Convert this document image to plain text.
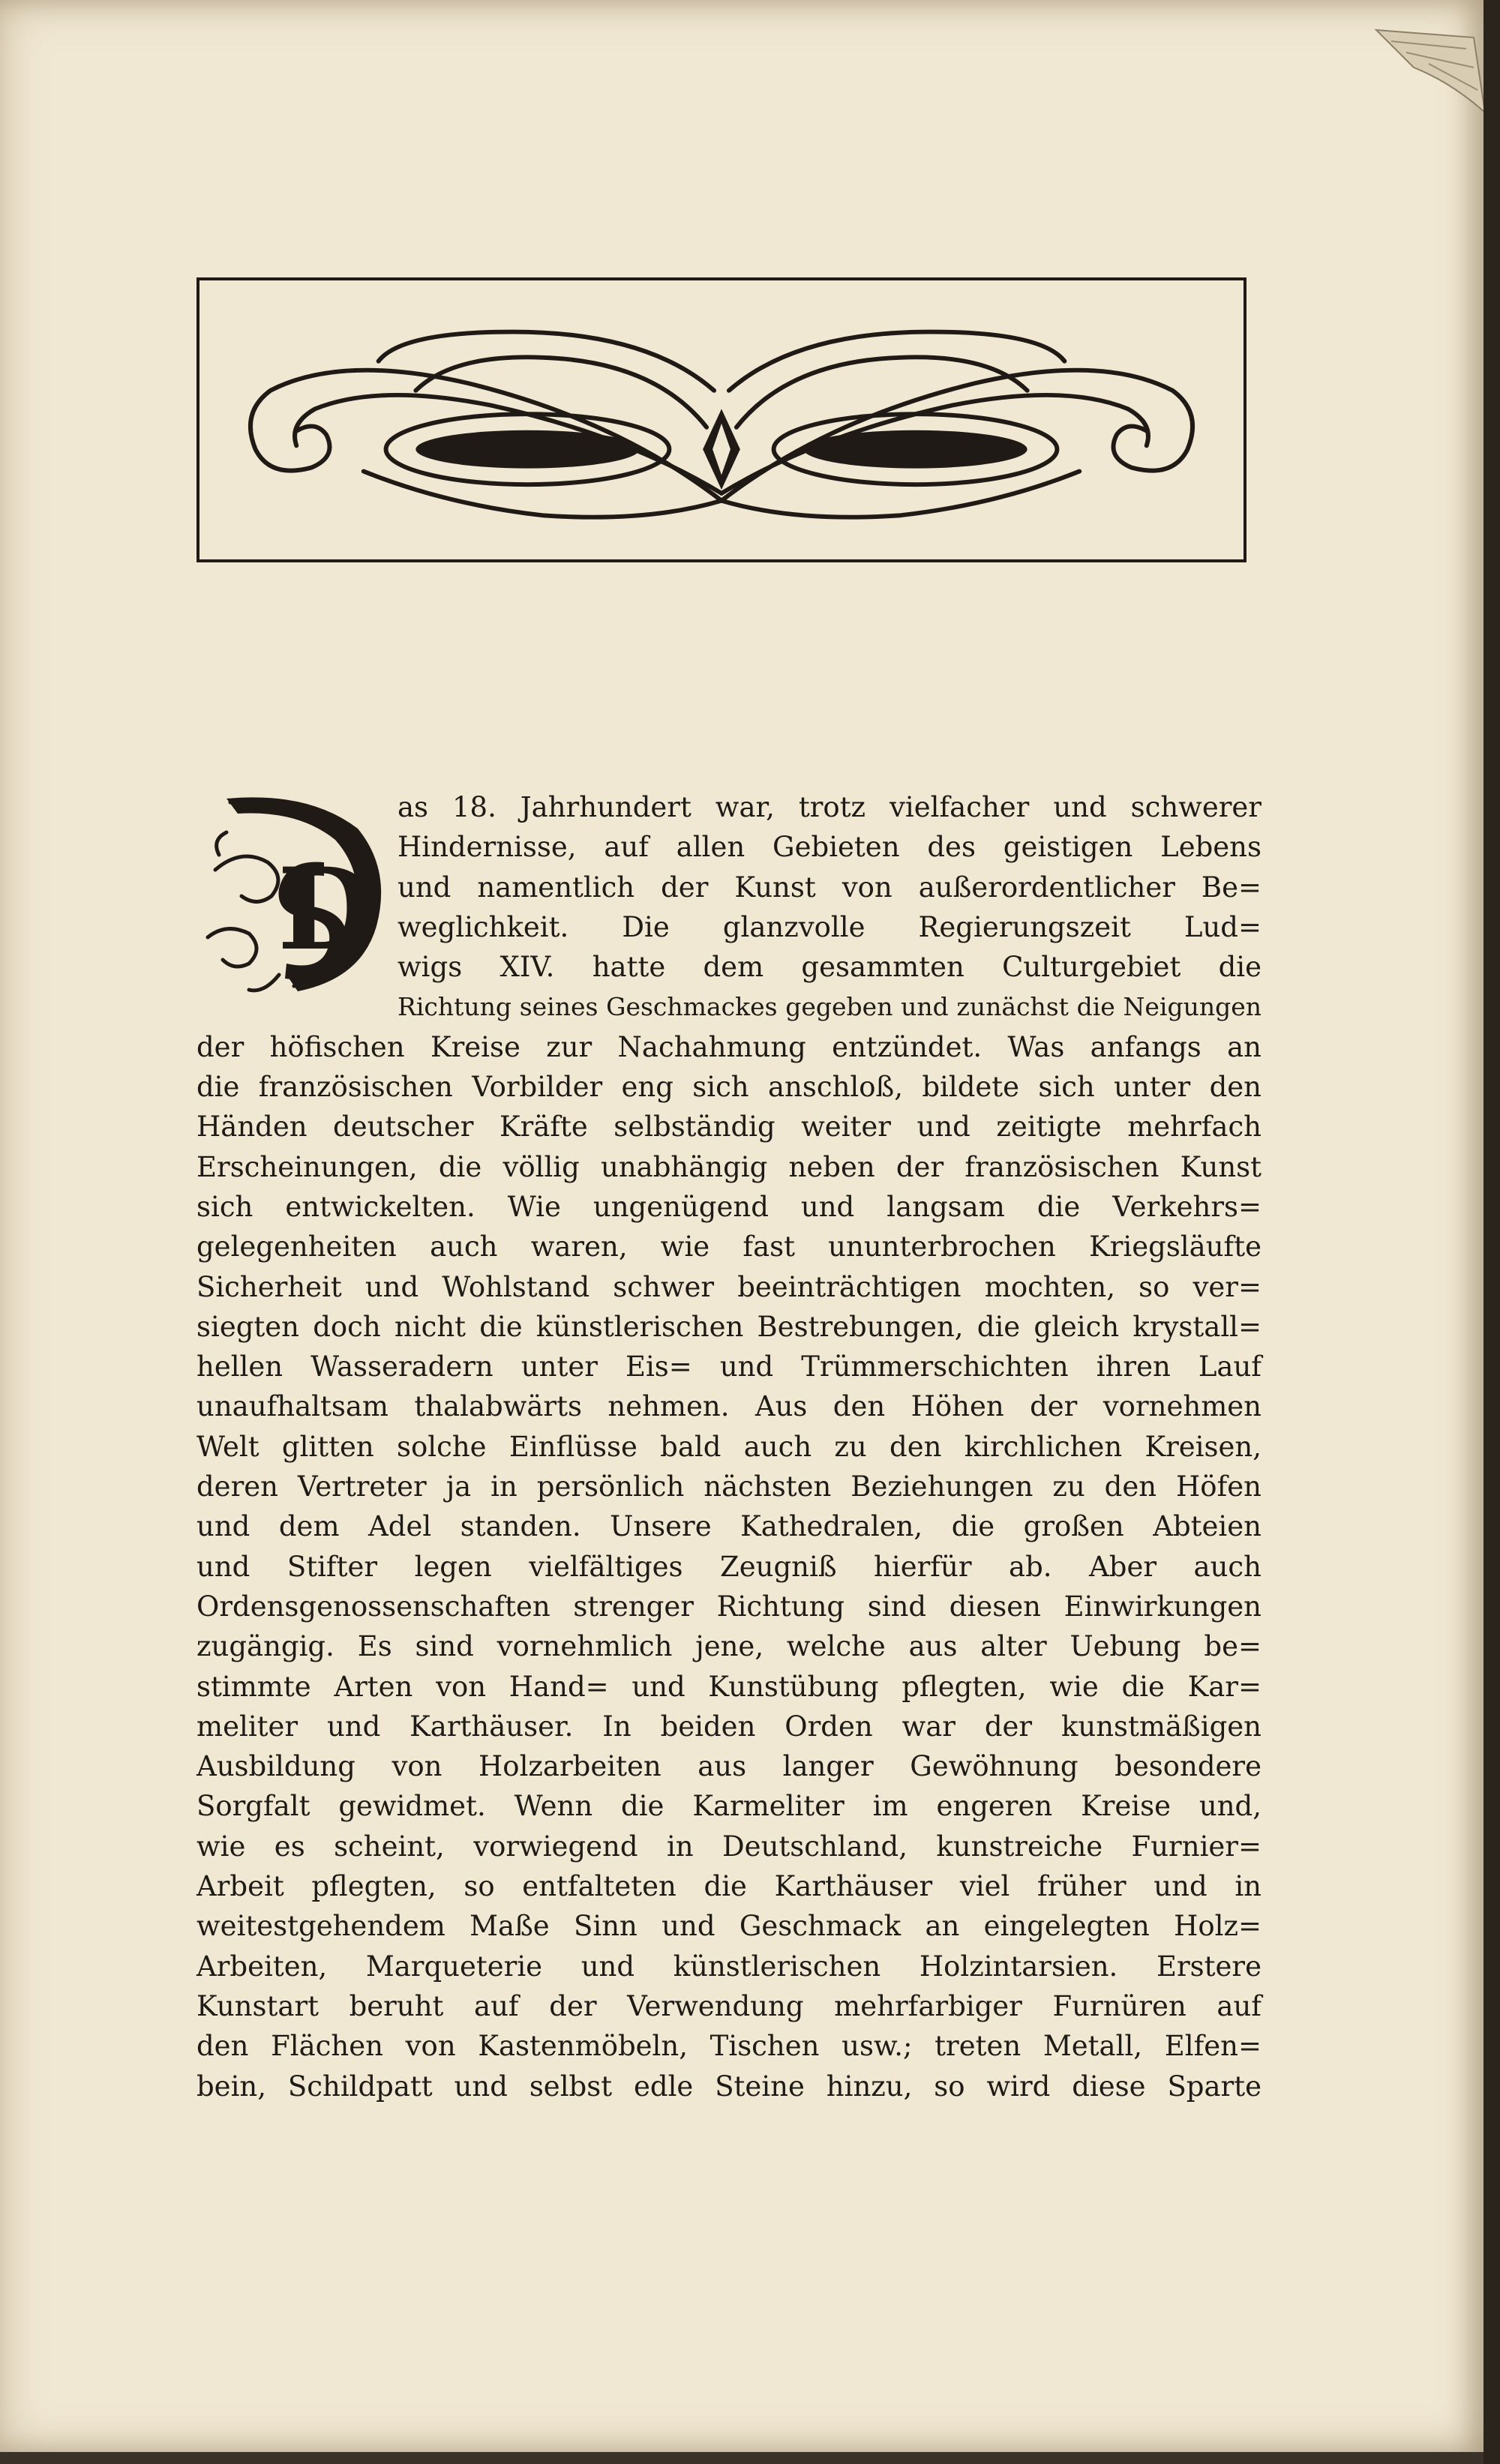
D
as 18. Jahrhundert war, trotz vielfacher und schwerer
Hindernisse, auf allen Gebieten des geistigen Lebens
und namentlich der Kunst von außerordentlicher Be=
weglichkeit. Die glanzvolle Regierungszeit Lud=
wigs XIV. hatte dem gesammten Culturgebiet die
Richtung seines Geschmackes gegeben und zunächst die Neigungen
der höfischen Kreise zur Nachahmung entzündet. Was anfangs an
die französischen Vorbilder eng sich anschloß, bildete sich unter den
Händen deutscher Kräfte selbständig weiter und zeitigte mehrfach
Erscheinungen, die völlig unabhängig neben der französischen Kunst
sich entwickelten. Wie ungenügend und langsam die Verkehrs=
gelegenheiten auch waren, wie fast ununterbrochen Kriegsläufte
Sicherheit und Wohlstand schwer beeinträchtigen mochten, so ver=
siegten doch nicht die künstlerischen Bestrebungen, die gleich krystall=
hellen Wasseradern unter Eis= und Trümmerschichten ihren Lauf
unaufhaltsam thalabwärts nehmen. Aus den Höhen der vornehmen
Welt glitten solche Einflüsse bald auch zu den kirchlichen Kreisen,
deren Vertreter ja in persönlich nächsten Beziehungen zu den Höfen
und dem Adel standen. Unsere Kathedralen, die großen Abteien
und Stifter legen vielfältiges Zeugniß hierfür ab. Aber auch
Ordensgenossenschaften strenger Richtung sind diesen Einwirkungen
zugängig. Es sind vornehmlich jene, welche aus alter Uebung be=
stimmte Arten von Hand= und Kunstübung pflegten, wie die Kar=
meliter und Karthäuser. In beiden Orden war der kunstmäßigen
Ausbildung von Holzarbeiten aus langer Gewöhnung besondere
Sorgfalt gewidmet. Wenn die Karmeliter im engeren Kreise und,
wie es scheint, vorwiegend in Deutschland, kunstreiche Furnier=
Arbeit pflegten, so entfalteten die Karthäuser viel früher und in
weitestgehendem Maße Sinn und Geschmack an eingelegten Holz=
Arbeiten, Marqueterie und künstlerischen Holzintarsien. Erstere
Kunstart beruht auf der Verwendung mehrfarbiger Furnüren auf
den Flächen von Kastenmöbeln, Tischen usw.; treten Metall, Elfen=
bein, Schildpatt und selbst edle Steine hinzu, so wird diese Sparte
